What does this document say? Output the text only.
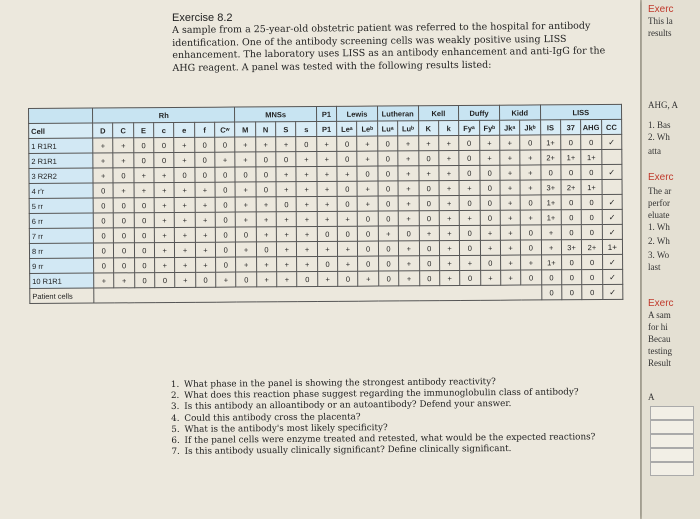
Exercise 8.2
A sample from a 25-year-old obstetric patient was referred to the hospital for antibody identification. One of the antibody screening cells was weakly positive using LISS enhancement. The laboratory uses LISS as an antibody enhancement and anti-IgG for the AHG reagent. A panel was tested with the following results listed:
	Rh							MNSs				P1	Lewis		Lutheran		Kell		Duffy		Kidd		LISS			
Cell	D	C	E	c	e	f	Cʷ	M	N	S	s	P1	Leᵃ	Leᵇ	Luᵃ	Luᵇ	K	k	Fyᵃ	Fyᵇ	Jkᵃ	Jkᵇ	IS	37	AHG	CC
1 R1R1	+	+	0	0	+	0	0	+	+	+	0	+	0	+	0	+	+	+	0	+	+	0	1+	0	0	✓
2 R1R1	+	+	0	0	+	0	+	+	0	0	+	+	0	+	0	+	0	+	0	+	+	+	2+	1+	1+	
3 R2R2	+	0	+	+	0	0	0	0	0	+	+	+	+	0	0	+	+	+	0	0	+	+	0	0	0	✓
4 r'r	0	+	+	+	+	+	0	+	0	+	+	+	0	+	0	+	0	+	+	0	+	+	3+	2+	1+	
5 rr	0	0	0	+	+	+	0	+	+	0	+	+	0	+	0	+	0	+	0	0	+	0	1+	0	0	✓
6 rr	0	0	0	+	+	+	0	+	+	+	+	+	+	0	0	+	0	+	+	0	+	+	1+	0	0	✓
7 rr	0	0	0	+	+	+	0	0	+	+	+	0	0	0	+	0	+	+	0	+	+	0	+	0	0	✓
8 rr	0	0	0	+	+	+	0	+	0	+	+	+	+	0	0	+	0	+	0	+	+	0	+	3+	2+	1+
9 rr	0	0	0	+	+	+	0	+	+	+	+	0	+	0	0	+	0	+	+	0	+	+	1+	0	0	✓
10 R1R1	+	+	0	0	+	0	+	0	+	+	0	+	0	+	0	+	0	+	0	+	+	0	0	0	0	✓
Patient cells																							0	0	0	✓
1. What phase in the panel is showing the strongest antibody reactivity?
2. What does this reaction phase suggest regarding the immunoglobulin class of antibody?
3. Is this antibody an alloantibody or an autoantibody? Defend your answer.
4. Could this antibody cross the placenta?
5. What is the antibody's most likely specificity?
6. If the panel cells were enzyme treated and retested, what would be the expected reactions?
7. Is this antibody usually clinically significant? Define clinically significant.
Exerc
This la
results
AHG, A
1. Bas
2. Wh
atta
Exerc
The ar
perfor
eluate
1. Wh
2. Wh
3. Wo
last
Exerc
A sam
for hi
Becau
testing
Result
A
